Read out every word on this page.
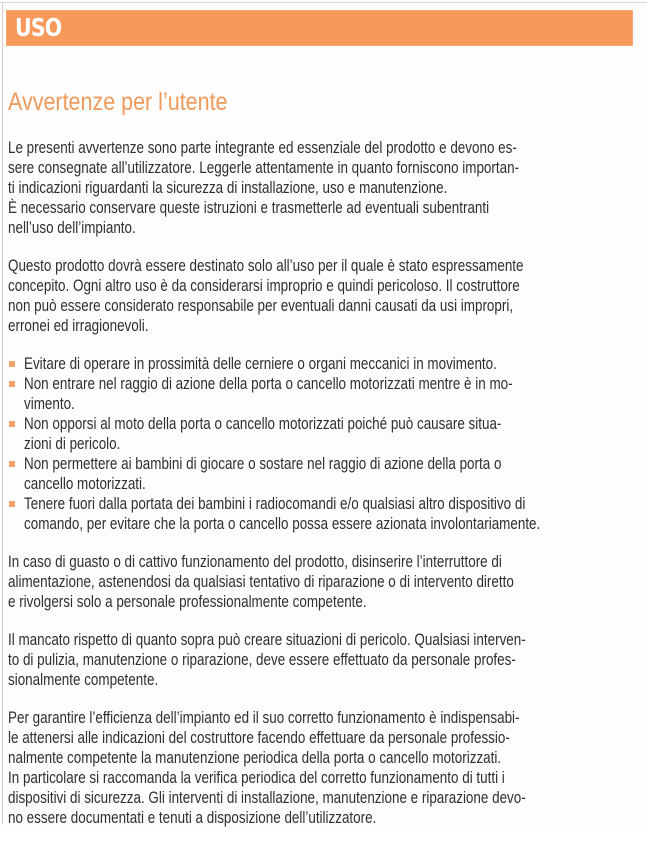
USO
Avvertenze per l’utente
Le presenti avvertenze sono parte integrante ed essenziale del prodotto e devono es-
sere consegnate all’utilizzatore. Leggerle attentamente in quanto forniscono importan-
ti indicazioni riguardanti la sicurezza di installazione, uso e manutenzione.
È necessario conservare queste istruzioni e trasmetterle ad eventuali subentranti
nell’uso dell’impianto.
Questo prodotto dovrà essere destinato solo all’uso per il quale è stato espressamente
concepito. Ogni altro uso è da considerarsi improprio e quindi pericoloso. Il costruttore
non può essere considerato responsabile per eventuali danni causati da usi impropri,
erronei ed irragionevoli.
Evitare di operare in prossimità delle cerniere o organi meccanici in movimento.
Non entrare nel raggio di azione della porta o cancello motorizzati mentre è in mo-
vimento.
Non opporsi al moto della porta o cancello motorizzati poiché può causare situa-
zioni di pericolo.
Non permettere ai bambini di giocare o sostare nel raggio di azione della porta o
cancello motorizzati.
Tenere fuori dalla portata dei bambini i radiocomandi e/o qualsiasi altro dispositivo di
comando, per evitare che la porta o cancello possa essere azionata involontariamente.
In caso di guasto o di cattivo funzionamento del prodotto, disinserire l’interruttore di
alimentazione, astenendosi da qualsiasi tentativo di riparazione o di intervento diretto
e rivolgersi solo a personale professionalmente competente.
Il mancato rispetto di quanto sopra può creare situazioni di pericolo. Qualsiasi interven-
to di pulizia, manutenzione o riparazione, deve essere effettuato da personale profes-
sionalmente competente.
Per garantire l’efficienza dell’impianto ed il suo corretto funzionamento è indispensabi-
le attenersi alle indicazioni del costruttore facendo effettuare da personale professio-
nalmente competente la manutenzione periodica della porta o cancello motorizzati.
In particolare si raccomanda la verifica periodica del corretto funzionamento di tutti i
dispositivi di sicurezza. Gli interventi di installazione, manutenzione e riparazione devo-
no essere documentati e tenuti a disposizione dell’utilizzatore.
